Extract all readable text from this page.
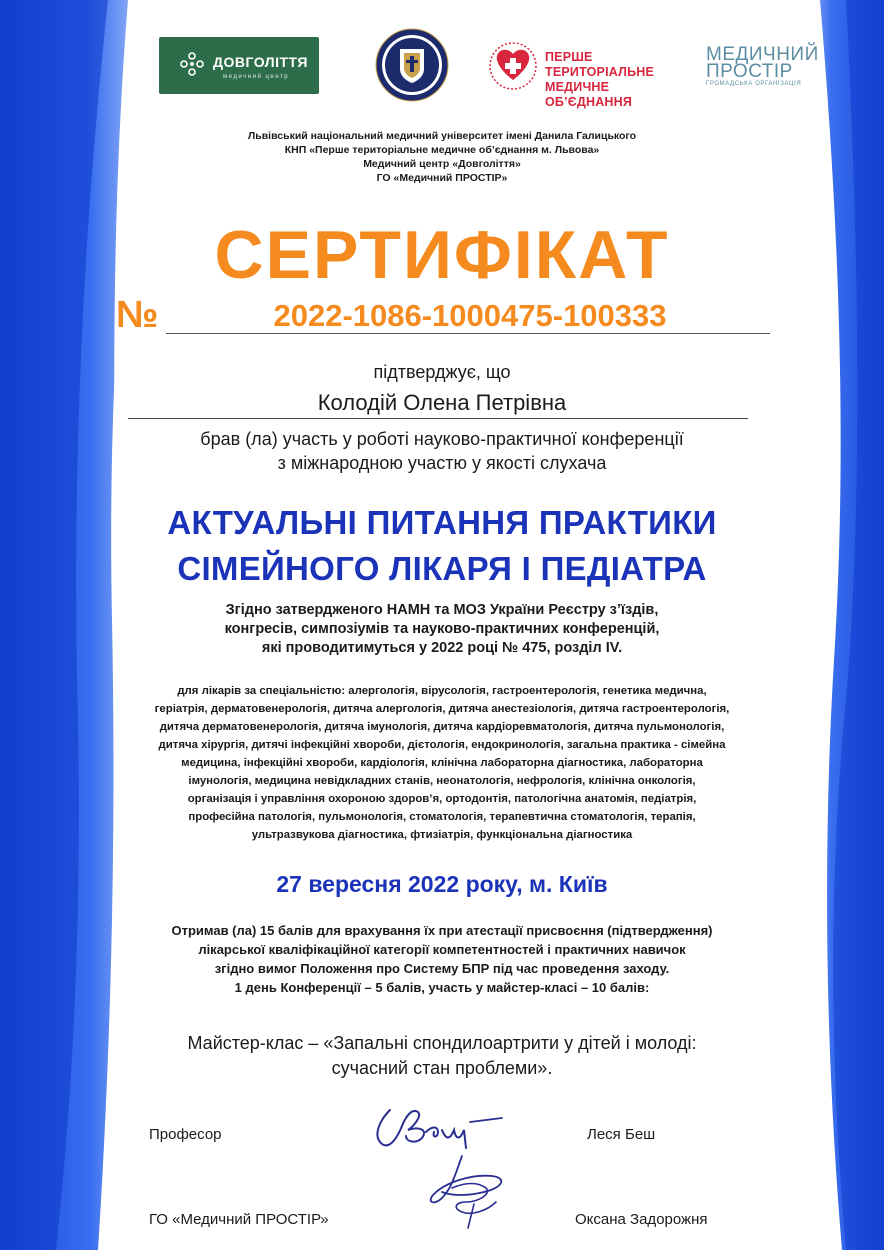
ДОВГОЛІТТЯ
медичний центр
ПЕРШЕ ТЕРИТОРІАЛЬНЕ
МЕДИЧНЕ ОБ’ЄДНАННЯ
МЕДИЧНИЙ
ПРОСТІР
ГРОМАДСЬКА ОРГАНІЗАЦІЯ
Львівський національний медичний університет імені Данила Галицького
КНП «Перше територіальне медичне об’єднання м. Львова»
Медичний центр «Довголіття»
ГО «Медичний ПРОСТІР»
СЕРТИФІКАТ
№	2022-1086-1000475-100333
підтверджує, що
Колодій Олена Петрівна
брав (ла) участь у роботі науково-практичної конференції
з міжнародною участю у якості слухача
АКТУАЛЬНІ ПИТАННЯ ПРАКТИКИ
СІМЕЙНОГО ЛІКАРЯ І ПЕДІАТРА
Згідно затвердженого НАМН та МОЗ України Реєстру з’їздів,
конгресів, симпозіумів та науково-практичних конференцій,
які проводитимуться у 2022 році № 475, розділ IV.
для лікарів за спеціальністю: алергологія, вірусологія, гастроентерологія, генетика медична,
геріатрія, дерматовенерологія, дитяча алергологія, дитяча анестезіологія, дитяча гастроентерологія,
дитяча дерматовенерологія, дитяча імунологія, дитяча кардіоревматологія, дитяча пульмонологія,
дитяча хірургія, дитячі інфекційні хвороби, дієтологія, ендокринологія, загальна практика - сімейна
медицина, інфекційні хвороби, кардіологія, клінічна лабораторна діагностика, лабораторна
імунологія, медицина невідкладних станів, неонатологія, нефрологія, клінічна онкологія,
організація і управління охороною здоров’я, ортодонтія, патологічна анатомія, педіатрія,
професійна патологія, пульмонологія, стоматологія, терапевтична стоматологія, терапія,
ультразвукова діагностика, фтизіатрія, функціональна діагностика
27 вересня 2022 року, м. Київ
Отримав (ла) 15 балів для врахування їх при атестації присвоєння (підтвердження)
лікарської кваліфікаційної категорії компетентностей і практичних навичок
згідно вимог Положення про Систему БПР під час проведення заходу.
1 день Конференції – 5 балів, участь у майстер-класі – 10 балів:
Майстер-клас – «Запальні спондилоартрити у дітей і молоді:
сучасний стан проблеми».
Професор	Леся Беш
ГО «Медичний ПРОСТІР»	Оксана Задорожня
